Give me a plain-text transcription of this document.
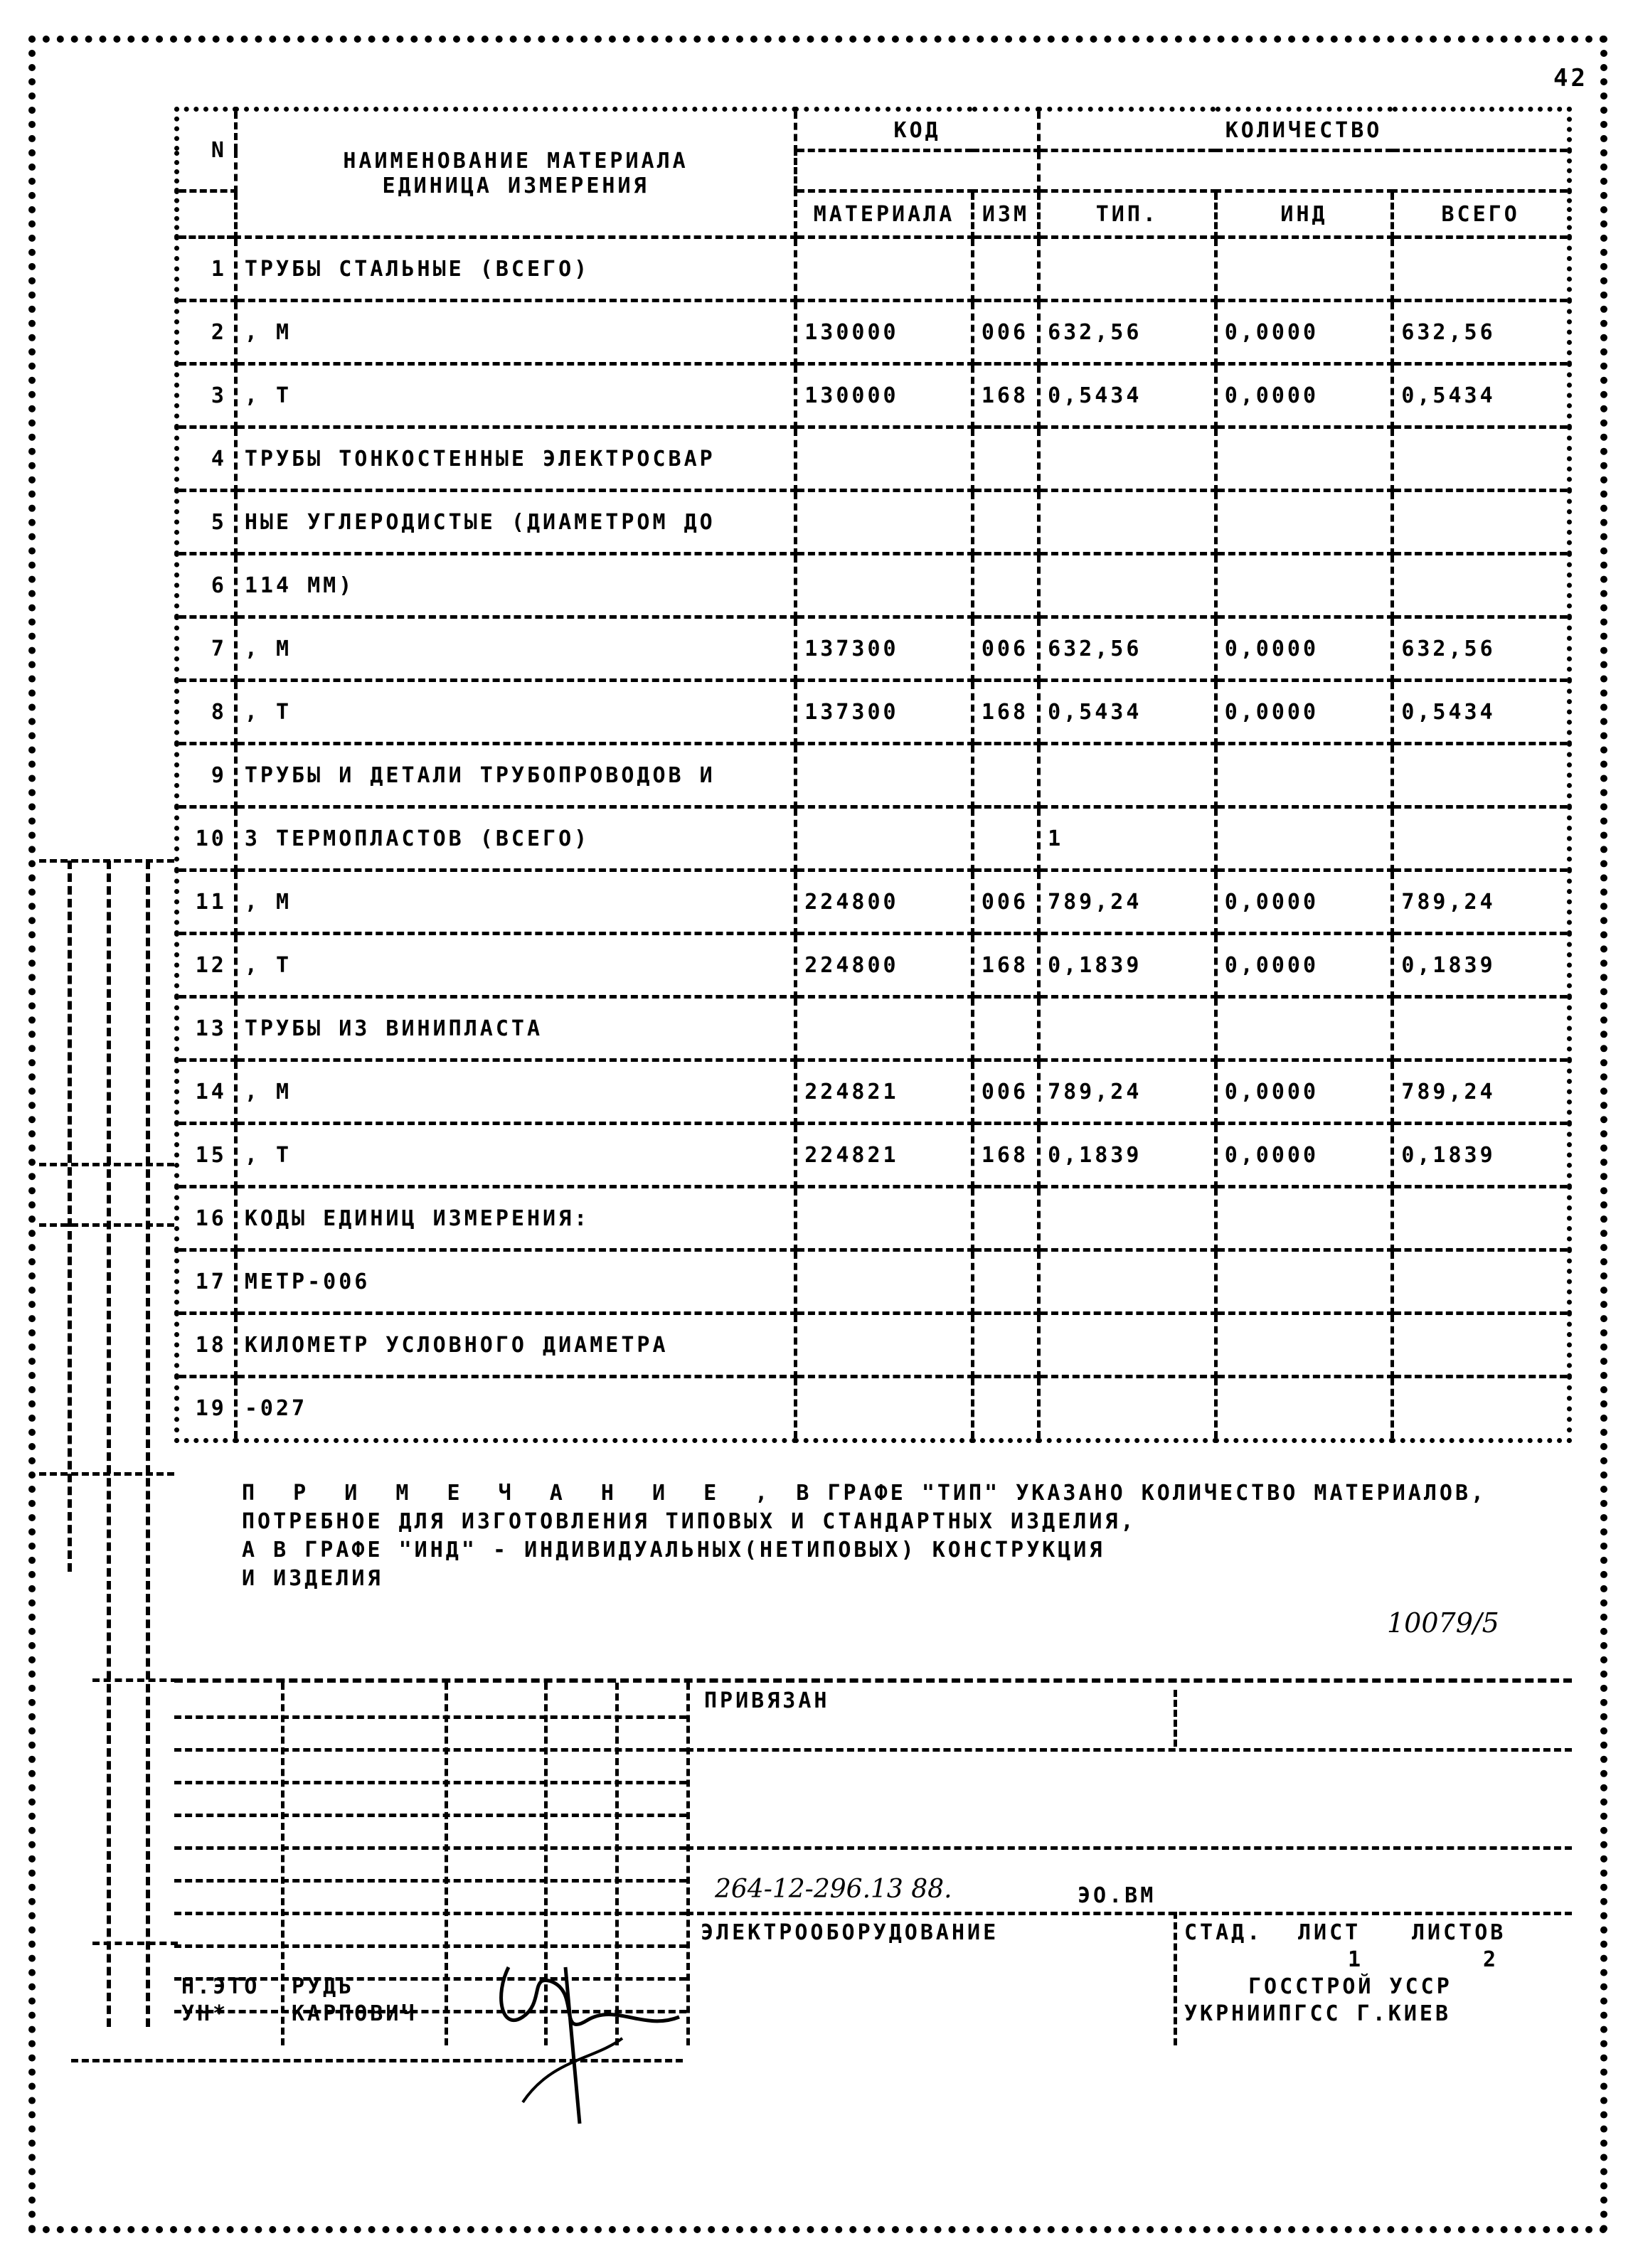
42
N	НАИМЕНОВАНИЕ МАТЕРИАЛА
ЕДИНИЦА ИЗМЕРЕНИЯ	КОД		КОЛИЧЕСТВО		

		МАТЕРИАЛА	ИЗМ	ТИП.	ИНД	ВСЕГО
1	ТРУБЫ СТАЛЬНЫЕ (ВСЕГО)					
2	, М	130000	006	632,56	0,0000	632,56
3	, Т	130000	168	0,5434	0,0000	0,5434
4	ТРУБЫ ТОНКОСТЕННЫЕ ЭЛЕКТРОСВАР					
5	НЫЕ УГЛЕРОДИСТЫЕ (ДИАМЕТРОМ ДО					
6	114 ММ)					
7	, М	137300	006	632,56	0,0000	632,56
8	, Т	137300	168	0,5434	0,0000	0,5434
9	ТРУБЫ И ДЕТАЛИ ТРУБОПРОВОДОВ И					
10	З ТЕРМОПЛАСТОВ (ВСЕГО)			1		
11	, М	224800	006	789,24	0,0000	789,24
12	, Т	224800	168	0,1839	0,0000	0,1839
13	ТРУБЫ ИЗ ВИНИПЛАСТА					
14	, М	224821	006	789,24	0,0000	789,24
15	, Т	224821	168	0,1839	0,0000	0,1839
16	КОДЫ ЕДИНИЦ ИЗМЕРЕНИЯ:					
17	МЕТР-006					
18	КИЛОМЕТР УСЛОВНОГО ДИАМЕТРА					
19	-027					
П Р И М Е Ч А Н И Е , В ГРАФЕ "ТИП" УКАЗАНО КОЛИЧЕСТВО МАТЕРИАЛОВ,
ПОТРЕБНОЕ ДЛЯ ИЗГОТОВЛЕНИЯ ТИПОВЫХ И СТАНДАРТНЫХ ИЗДЕЛИЯ,
А В ГРАФЕ "ИНД" - ИНДИВИДУАЛЬНЫХ(НЕТИПОВЫХ) КОНСТРУКЦИЯ
И ИЗДЕЛИЯ
10079/5
ПРИВЯЗАН
264-12-296.13 88.	ЭО.ВМ
ЭЛЕКТРООБОРУДОВАНИЕ	СТАД. ЛИСТ ЛИСТОВ
1	2
ГОССТРОЙ УССР
УКРНИИПГСС Г.КИЕВ
Н.ЭТО РУДЬ
УН*	КАРПОВИЧ
